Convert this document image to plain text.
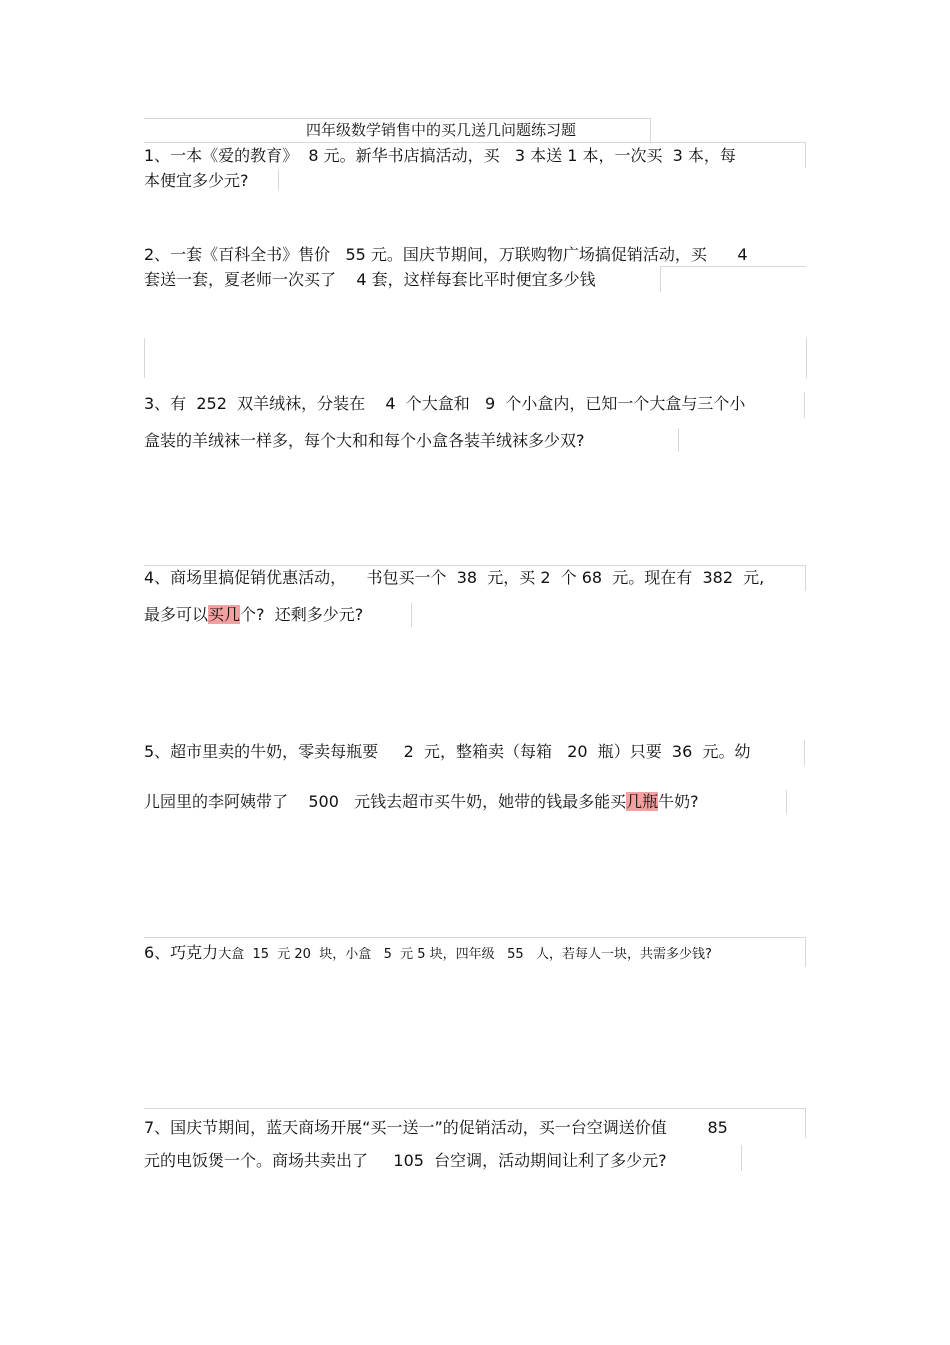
四年级数学销售中的买几送几问题练习题
1、一本《爱的教育》  8 元。新华书店搞活动，买   3 本送 1 本，一次买  3 本，每
本便宜多少元?
2、一套《百科全书》售价   55 元。国庆节期间，万联购物广场搞促销活动，买      4
套送一套，夏老师一次买了    4 套，这样每套比平时便宜多少钱
3、有  252  双羊绒袜，分装在    4  个大盒和   9  个小盒内，已知一个大盒与三个小
盒装的羊绒袜一样多，每个大和和每个小盒各装羊绒袜多少双?
4、商场里搞促销优惠活动，    书包买一个  38  元，买 2  个 68  元。现在有  382  元,
最多可以买几个?  还剩多少元?
5、超市里卖的牛奶，零卖每瓶要     2  元，整箱卖（每箱   20  瓶）只要  36  元。幼
儿园里的李阿姨带了    500   元钱去超市买牛奶，她带的钱最多能买几瓶牛奶?
6、巧克力大盒  15  元 20  块，小盒   5  元 5 块，四年级   55   人，若每人一块，共需多少钱?
7、国庆节期间，蓝天商场开展“买一送一”的促销活动，买一台空调送价值        85
元的电饭煲一个。商场共卖出了     105  台空调，活动期间让利了多少元?
